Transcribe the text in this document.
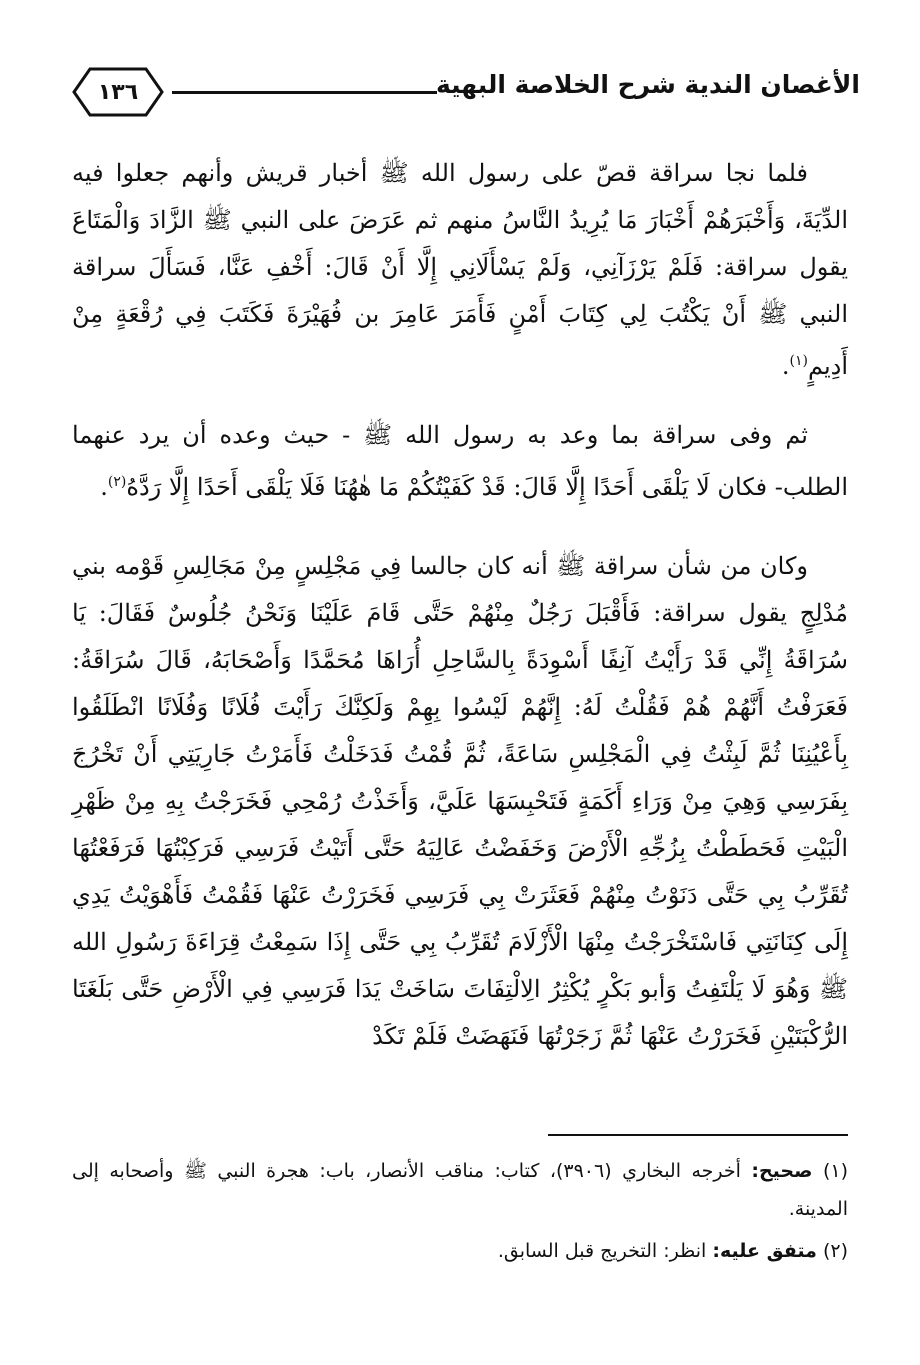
١٣٦	الأغصان الندية شرح الخلاصة البهية

فلما نجا سراقة قصّ على رسول الله ﷺ أخبار قريش وأنهم جعلوا فيه الدِّيَةَ، وَأَخْبَرَهُمْ أَخْبَارَ مَا يُرِيدُ النَّاسُ منهم ثم عَرَضَ على النبي ﷺ الزَّادَ وَالْمَتَاعَ يقول سراقة: فَلَمْ يَرْزَآنِي، وَلَمْ يَسْأَلَانِي إِلَّا أَنْ قَالَ: أَخْفِ عَنَّا، فَسَأَلَ سراقة النبي ﷺ أَنْ يَكْتُبَ لِي كِتَابَ أَمْنٍ فَأَمَرَ عَامِرَ بن فُهَيْرَةَ فَكَتَبَ فِي رُقْعَةٍ مِنْ أَدِيمٍ$^{(١)}$.

ثم وفى سراقة بما وعد به رسول الله ﷺ - حيث وعده أن يرد عنهما الطلب- فكان لَا يَلْقَى أَحَدًا إِلَّا قَالَ: قَدْ كَفَيْتُكُمْ مَا هٰهُنَا فَلَا يَلْقَى أَحَدًا إِلَّا رَدَّهُ$^{(٢)}$.

وكان من شأن سراقة ﷺ أنه كان جالسا فِي مَجْلِسٍ مِنْ مَجَالِسِ قَوْمه بني مُدْلِجٍ يقول سراقة: فَأَقْبَلَ رَجُلٌ مِنْهُمْ حَتَّى قَامَ عَلَيْنَا وَنَحْنُ جُلُوسٌ فَقَالَ: يَا سُرَاقَةُ إِنِّي قَدْ رَأَيْتُ آنِفًا أَسْوِدَةً بِالسَّاحِلِ أُرَاهَا مُحَمَّدًا وَأَصْحَابَهُ، قَالَ سُرَاقَةُ: فَعَرَفْتُ أَنَّهُمْ هُمْ فَقُلْتُ لَهُ: إِنَّهُمْ لَيْسُوا بِهِمْ وَلَكِنَّكَ رَأَيْتَ فُلَانًا وَفُلَانًا انْطَلَقُوا بِأَعْيُنِنَا ثُمَّ لَبِثْتُ فِي الْمَجْلِسِ سَاعَةً، ثُمَّ قُمْتُ فَدَخَلْتُ فَأَمَرْتُ جَارِيَتِي أَنْ تَخْرُجَ بِفَرَسِي وَهِيَ مِنْ وَرَاءِ أَكَمَةٍ فَتَحْبِسَهَا عَلَيَّ، وَأَخَذْتُ رُمْحِي فَخَرَجْتُ بِهِ مِنْ ظَهْرِ الْبَيْتِ فَحَطَطْتُ بِزُجِّهِ الْأَرْضَ وَخَفَضْتُ عَالِيَهُ حَتَّى أَتَيْتُ فَرَسِي فَرَكِبْتُهَا فَرَفَعْتُهَا تُقَرِّبُ بِي حَتَّى دَنَوْتُ مِنْهُمْ فَعَثَرَتْ بِي فَرَسِي فَخَرَرْتُ عَنْهَا فَقُمْتُ فَأَهْوَيْتُ يَدِي إِلَى كِنَانَتِي فَاسْتَخْرَجْتُ مِنْهَا الْأَزْلَامَ تُقَرِّبُ بِي حَتَّى إِذَا سَمِعْتُ قِرَاءَةَ رَسُولِ الله ﷺ وَهُوَ لَا يَلْتَفِتُ وَأبو بَكْرٍ يُكْثِرُ الِالْتِفَاتَ سَاخَتْ يَدَا فَرَسِي فِي الْأَرْضِ حَتَّى بَلَغَتَا الرُّكْبَتَيْنِ فَخَرَرْتُ عَنْهَا ثُمَّ زَجَرْتُهَا فَنَهَضَتْ فَلَمْ تَكَدْ

(١) صحيح: أخرجه البخاري (٣٩٠٦)، كتاب: مناقب الأنصار، باب: هجرة النبي ﷺ وأصحابه إلى المدينة.
(٢) متفق عليه: انظر: التخريج قبل السابق.
